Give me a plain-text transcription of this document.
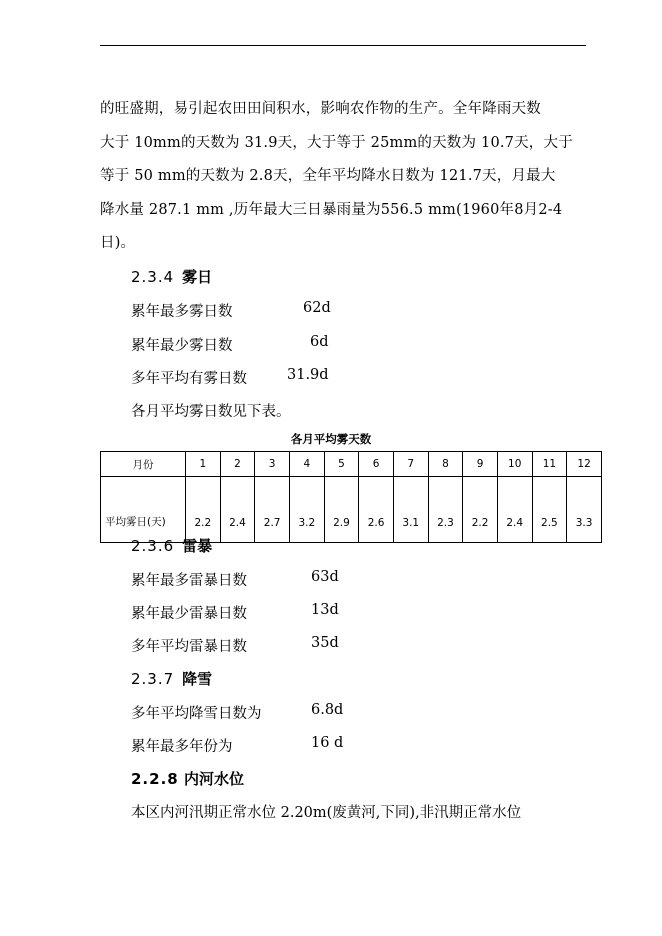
的旺盛期，易引起农田田间积水，影响农作物的生产。全年降雨天数
大于 10mm的天数为 31.9天，大于等于 25mm的天数为 10.7天，大于
等于 50 mm的天数为 2.8天，全年平均降水日数为 121.7天，月最大
降水量 287.1 mm ,历年最大三日暴雨量为556.5 mm(1960年8月2-4
日)。
2.3.4 雾日
累年最多雾日数	62d
累年最少雾日数	6d
多年平均有雾日数	31.9d
各月平均雾日数见下表。
各月平均雾天数
月份	1	2	3	4	5	6	7	8	9	10	11	12
平均雾日(天)	2.2	2.4	2.7	3.2	2.9	2.6	3.1	2.3	2.2	2.4	2.5	3.3
2.3.6 雷暴
累年最多雷暴日数	63d
累年最少雷暴日数	13d
多年平均雷暴日数	35d
2.3.7 降雪
多年平均降雪日数为	6.8d
累年最多年份为	16 d
2.2.8 内河水位
本区内河汛期正常水位 2.20m(废黄河,下同),非汛期正常水位
